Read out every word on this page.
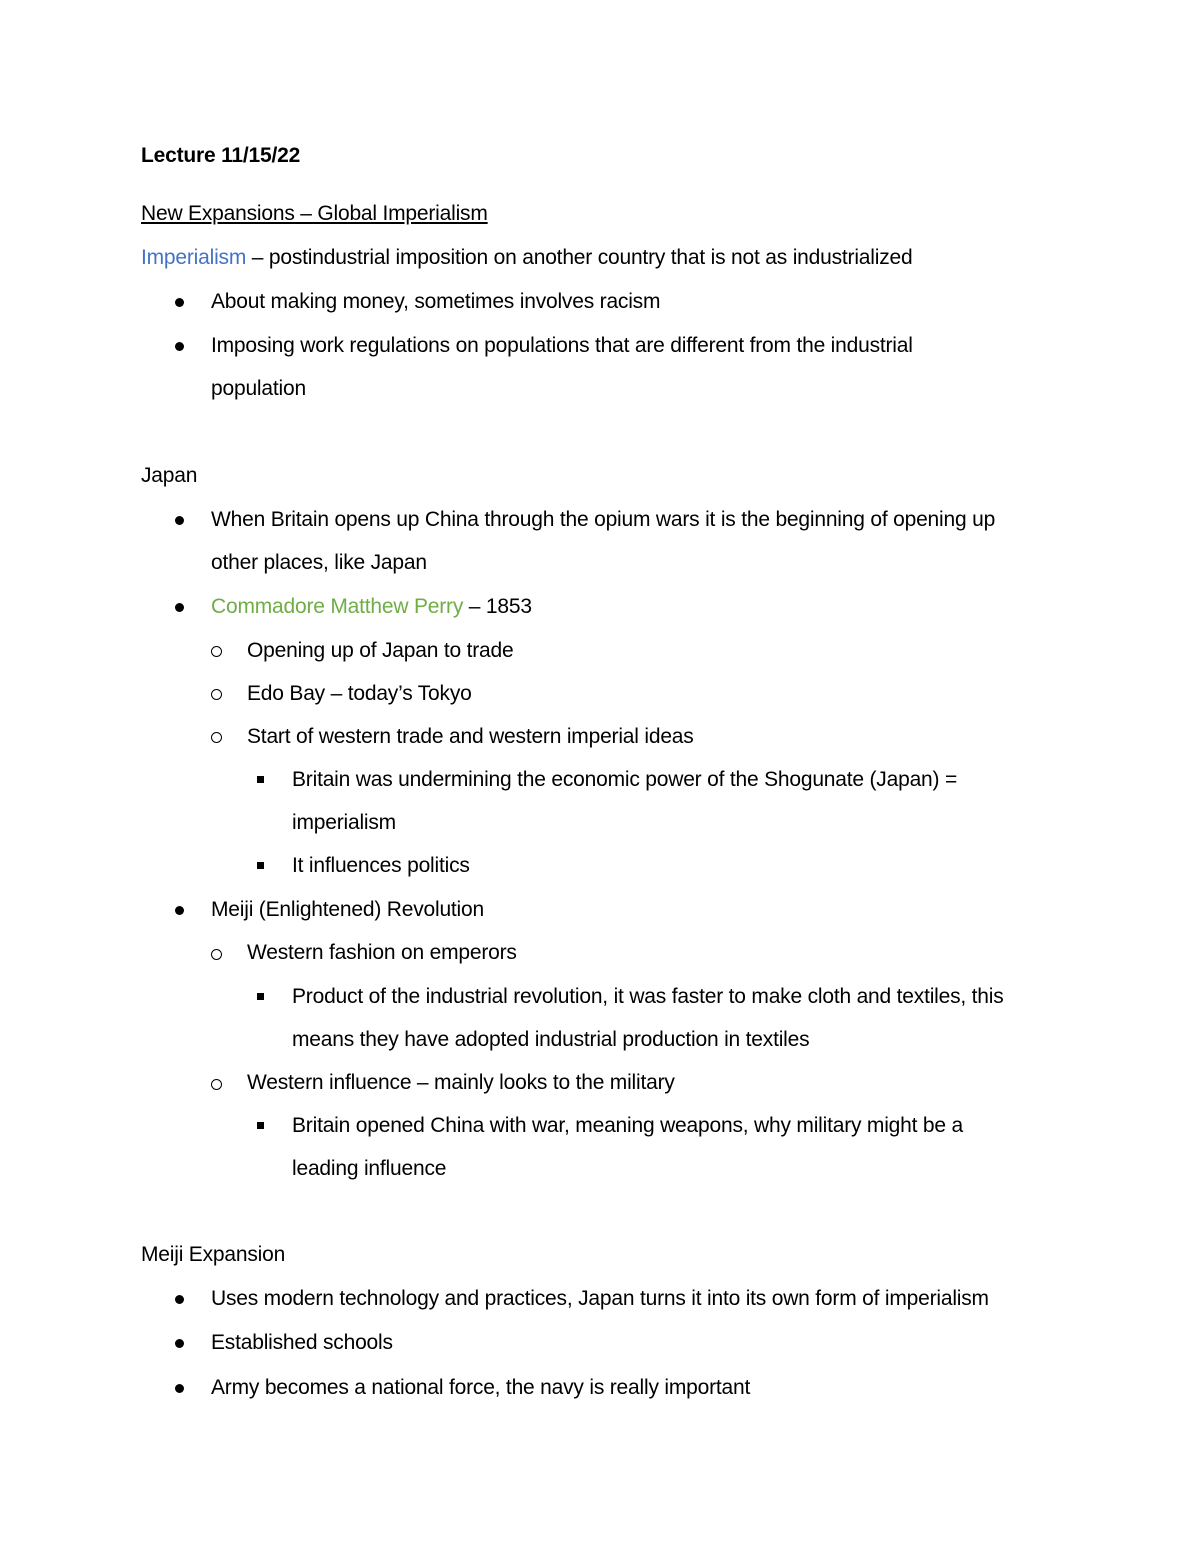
Lecture 11/15/22
New Expansions – Global Imperialism
Imperialism – postindustrial imposition on another country that is not as industrialized
About making money, sometimes involves racism
Imposing work regulations on populations that are different from the industrial
population
Japan
When Britain opens up China through the opium wars it is the beginning of opening up
other places, like Japan
Commadore Matthew Perry – 1853
Opening up of Japan to trade
Edo Bay – today’s Tokyo
Start of western trade and western imperial ideas
Britain was undermining the economic power of the Shogunate (Japan) =
imperialism
It influences politics
Meiji (Enlightened) Revolution
Western fashion on emperors
Product of the industrial revolution, it was faster to make cloth and textiles, this
means they have adopted industrial production in textiles
Western influence – mainly looks to the military
Britain opened China with war, meaning weapons, why military might be a
leading influence
Meiji Expansion
Uses modern technology and practices, Japan turns it into its own form of imperialism
Established schools
Army becomes a national force, the navy is really important
